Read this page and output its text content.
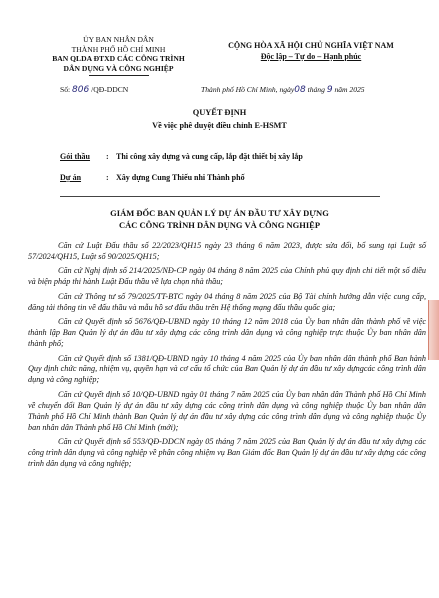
ỦY BAN NHÂN DÂN
THÀNH PHỐ HỒ CHÍ MINH
BAN QLDA ĐTXD CÁC CÔNG TRÌNH
DÂN DỤNG VÀ CÔNG NGHIỆP
CỘNG HÒA XÃ HỘI CHỦ NGHĨA VIỆT NAM
Độc lập – Tự do – Hạnh phúc
Số: 806 /QĐ-DDCN	Thành phố Hồ Chí Minh, ngày08 tháng 9 năm 2025
QUYẾT ĐỊNH
Về việc phê duyệt điều chỉnh E-HSMT
Gói thầu : Thi công xây dựng và cung cấp, lắp đặt thiết bị xây lắp
Dự án	: Xây dựng Cung Thiếu nhi Thành phố
GIÁM ĐỐC BAN QUẢN LÝ DỰ ÁN ĐẦU TƯ XÂY DỰNG
CÁC CÔNG TRÌNH DÂN DỤNG VÀ CÔNG NGHIỆP

Căn cứ Luật Đấu thầu số 22/2023/QH15 ngày 23 tháng 6 năm 2023, được sửa đổi, bổ sung tại Luật số 57/2024/QH15, Luật số 90/2025/QH15;

Căn cứ Nghị định số 214/2025/NĐ-CP ngày 04 tháng 8 năm 2025 của Chính phủ quy định chi tiết một số điều và biện pháp thi hành Luật Đấu thầu về lựa chọn nhà thầu;

Căn cứ Thông tư số 79/2025/TT-BTC ngày 04 tháng 8 năm 2025 của Bộ Tài chính hướng dẫn việc cung cấp, đăng tải thông tin về đấu thầu và mẫu hồ sơ đấu thầu trên Hệ thống mạng đấu thầu quốc gia;

Căn cứ Quyết định số 5676/QĐ-UBND ngày 10 tháng 12 năm 2018 của Ủy ban nhân dân thành phố về việc thành lập Ban Quản lý dự án đầu tư xây dựng các công trình dân dụng và công nghiệp trực thuộc Ủy ban nhân dân thành phố;

Căn cứ Quyết định số 1381/QĐ-UBND ngày 10 tháng 4 năm 2025 của Ủy ban nhân dân thành phố Ban hành Quy định chức năng, nhiệm vụ, quyền hạn và cơ cấu tổ chức của Ban Quản lý dự án đầu tư xây dựngcác công trình dân dụng và công nghiệp;

Căn cứ Quyết định số 10/QĐ-UBND ngày 01 tháng 7 năm 2025 của Ủy ban nhân dân Thành phố Hồ Chí Minh về chuyển đổi Ban Quản lý dự án đầu tư xây dựng các công trình dân dụng và công nghiệp thuộc Ủy ban nhân dân Thành phố Hồ Chí Minh thành Ban Quản lý dự án đầu tư xây dựng các công trình dân dụng và công nghiệp thuộc Ủy ban nhân dân Thành phố Hồ Chí Minh (mới);

Căn cứ Quyết định số 553/QĐ-DDCN ngày 05 tháng 7 năm 2025 của Ban Quản lý dự án đầu tư xây dựng các công trình dân dụng và công nghiệp về phân công nhiệm vụ Ban Giám đốc Ban Quản lý dự án đầu tư xây dựng các công trình dân dụng và công nghiệp;
